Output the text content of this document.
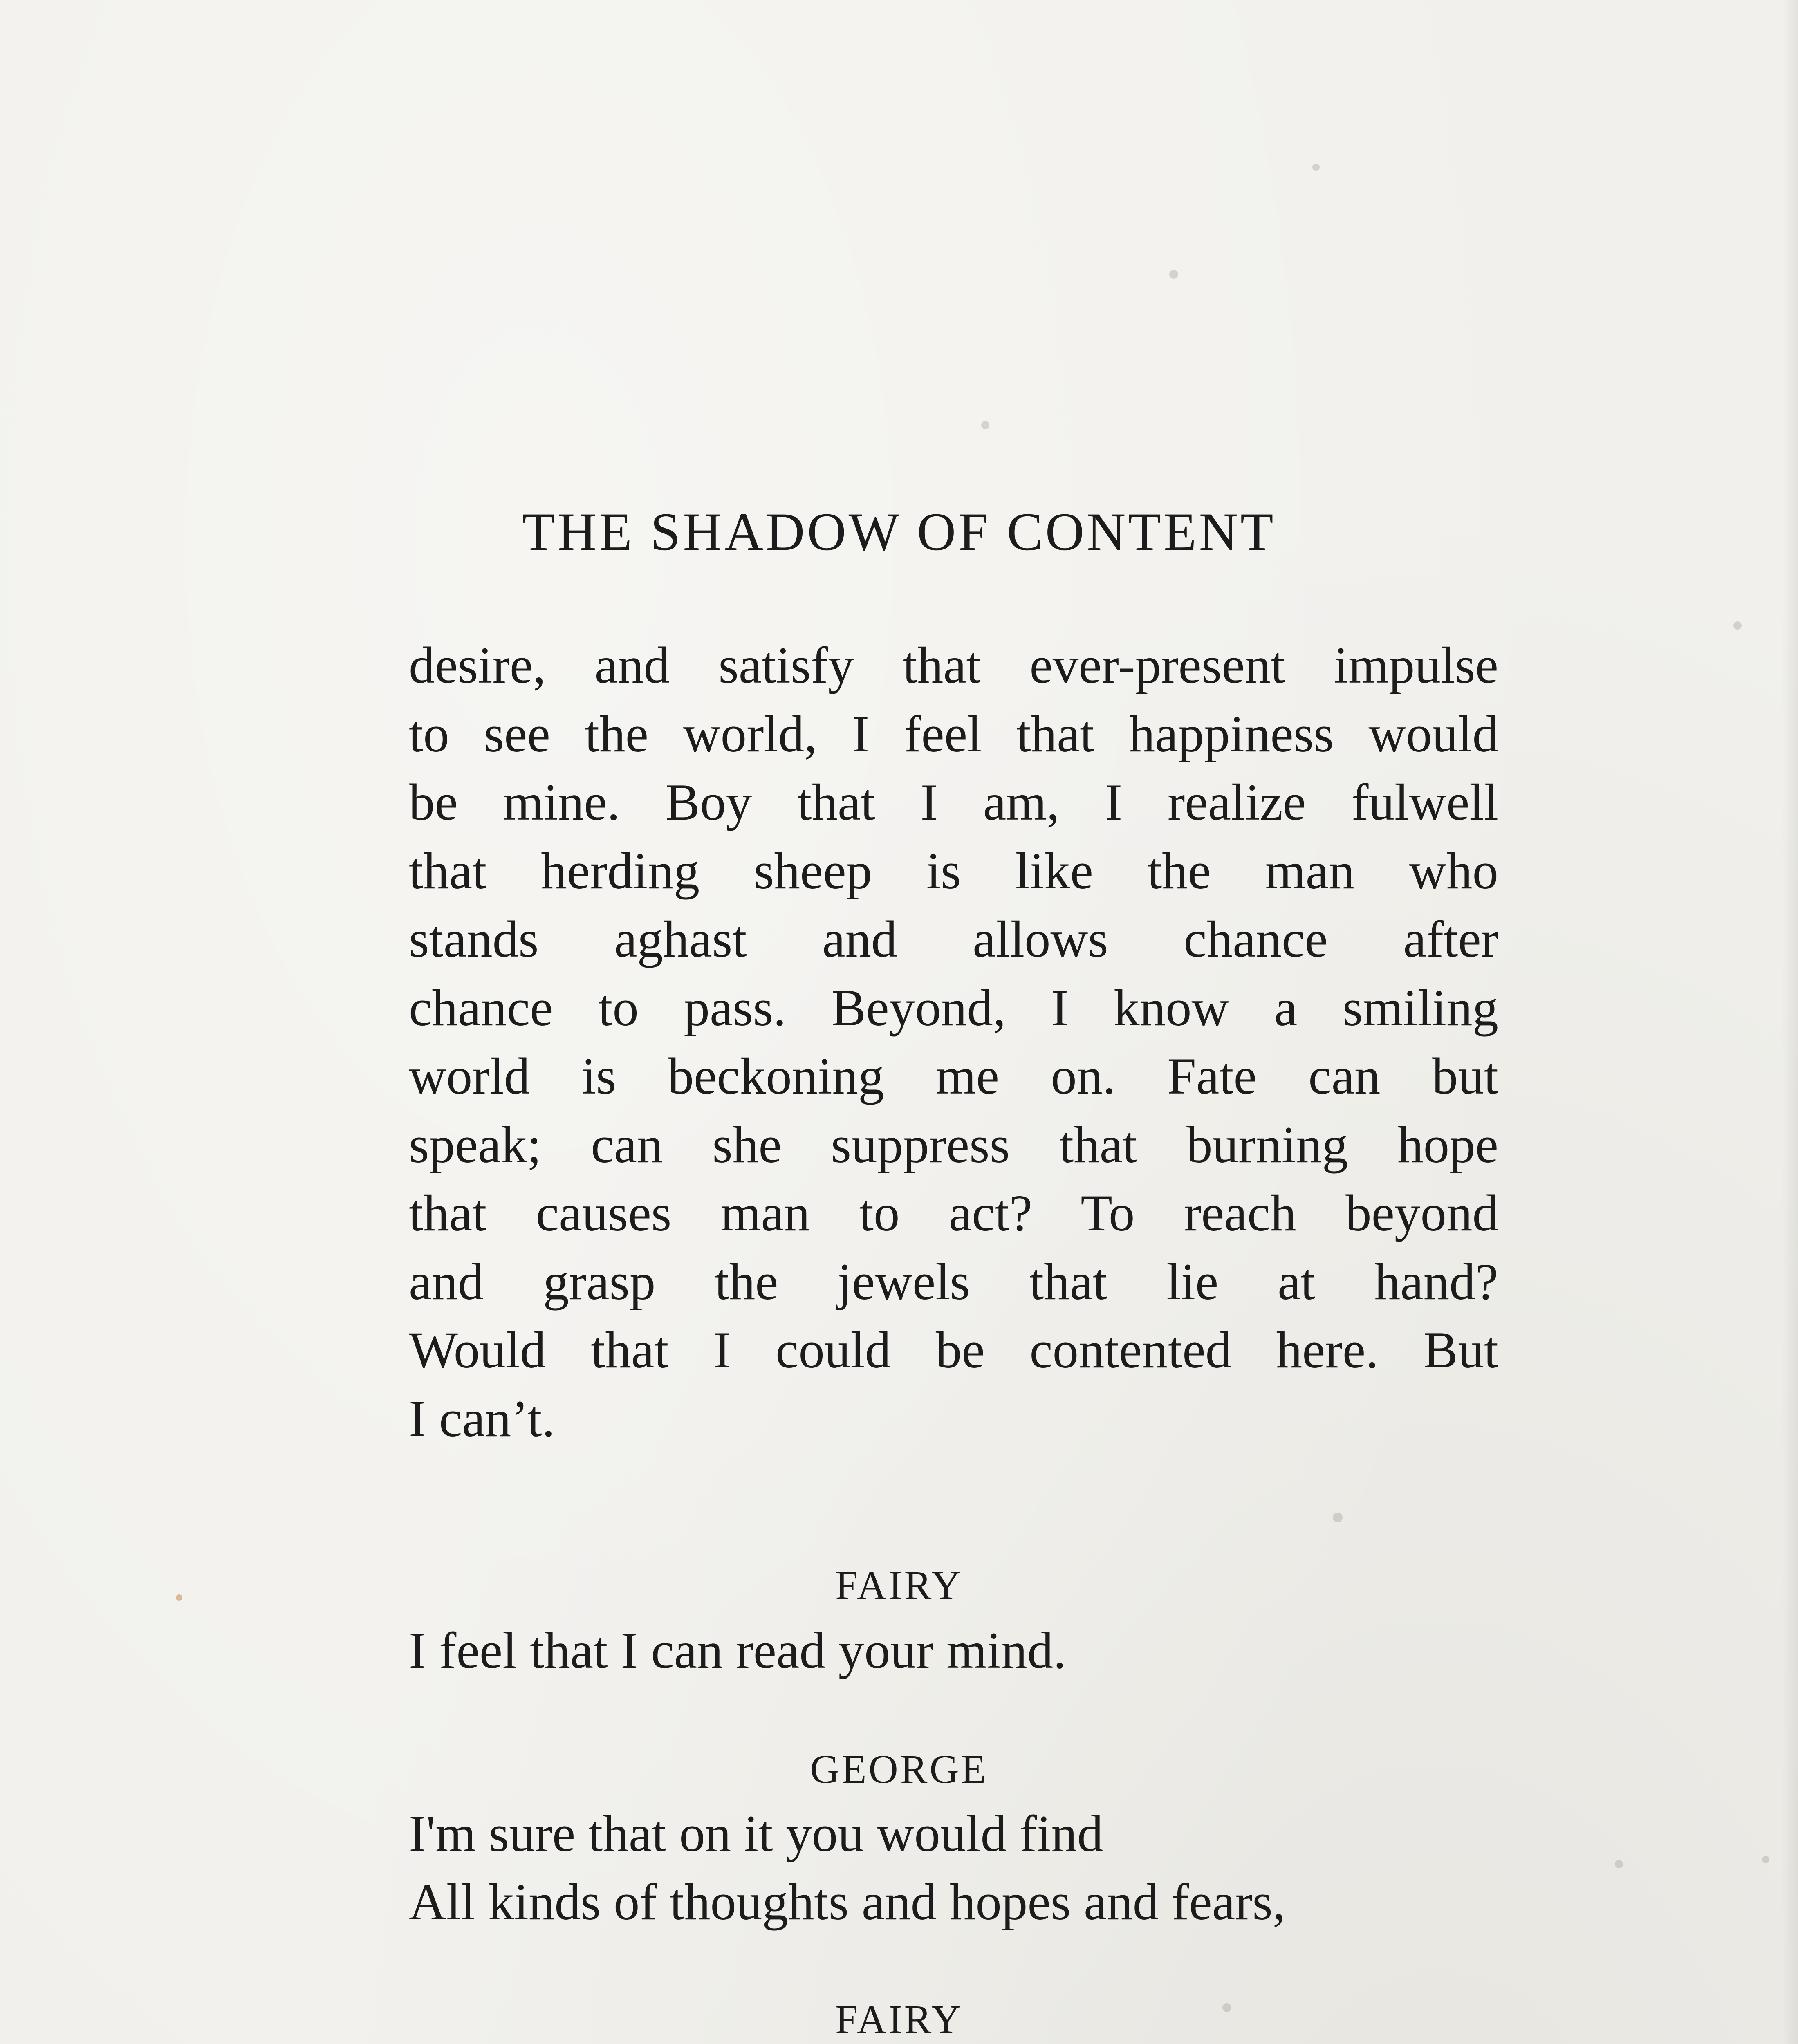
THE SHADOW OF CONTENT

desire, and satisfy that ever-present impulse
to see the world, I feel that happiness would
be mine. Boy that I am, I realize fulwell
that herding sheep is like the man who
stands aghast and allows chance after
chance to pass. Beyond, I know a smiling
world is beckoning me on. Fate can but
speak; can she suppress that burning hope
that causes man to act? To reach beyond
and grasp the jewels that lie at hand?
Would that I could be contented here. But
I can’t.

FAIRY
I feel that I can read your mind.
GEORGE
I'm sure that on it you would find
All kinds of thoughts and hopes and fears,
FAIRY
